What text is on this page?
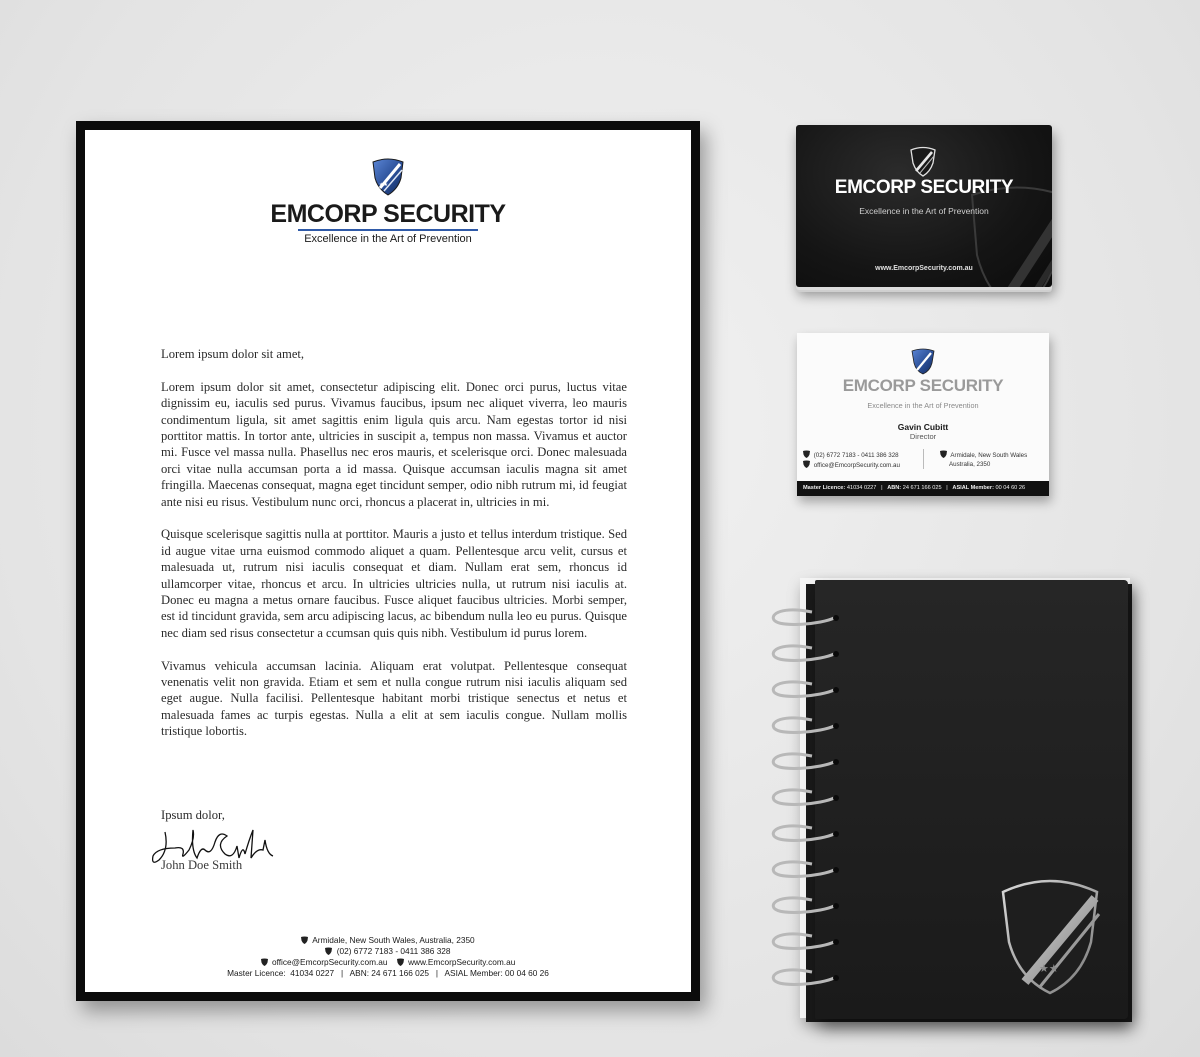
★★
EMCORP SECURITY
Excellence in the Art of Prevention

Lorem ipsum dolor sit amet,

Lorem ipsum dolor sit amet, consectetur adipiscing elit. Donec orci purus, luctus vitae dignissim eu, iaculis sed purus. Vivamus faucibus, ipsum nec aliquet viverra, leo mauris condimentum ligula, sit amet sagittis enim ligula quis arcu. Nam egestas tortor id nisi porttitor mattis. In tortor ante, ultricies in suscipit a, tempus non massa. Vivamus et auctor mi. Fusce vel massa nulla. Phasellus nec eros mauris, et scelerisque orci. Donec malesuada orci vitae nulla accumsan porta a id massa. Quisque accumsan iaculis magna sit amet fringilla. Maecenas consequat, magna eget tincidunt semper, odio nibh rutrum mi, id feugiat ante nisi eu risus. Vestibulum nunc orci, rhoncus a placerat in, ultricies in mi.

Quisque scelerisque sagittis nulla at porttitor. Mauris a justo et tellus interdum tristique. Sed id augue vitae urna euismod commodo aliquet a quam. Pellentesque arcu velit, cursus et malesuada ut, rutrum nisi iaculis consequat et diam. Nullam erat sem, rhoncus id ullamcorper vitae, rhoncus et arcu. In ultricies ultricies nulla, ut rutrum nisi iaculis at. Donec eu magna a metus ornare faucibus. Fusce aliquet faucibus ultricies. Morbi semper, est id tincidunt gravida, sem arcu adipiscing lacus, ac bibendum nulla leo eu purus. Quisque nec diam sed risus consectetur a ccumsan quis quis nibh. Vestibulum id purus lorem.

Vivamus vehicula accumsan lacinia. Aliquam erat volutpat. Pellentesque consequat venenatis velit non gravida. Etiam et sem et nulla congue rutrum nisi iaculis aliquam sed eget augue. Nulla facilisi. Pellentesque habitant morbi tristique senectus et netus et malesuada fames ac turpis egestas. Nulla a elit at sem iaculis congue. Nullam mollis tristique lobortis.

Ipsum dolor,
John Doe Smith
Armidale, New South Wales, Australia, 2350
(02) 6772 7183 - 0411 386 328
office@EmcorpSecurity.com.au www.EmcorpSecurity.com.au
Master Licence:  41034 0227   |   ABN: 24 671 166 025   |   ASIAL Member: 00 04 60 26
★★
EMCORP SECURITY
Excellence in the Art of Prevention
www.EmcorpSecurity.com.au
EMCORP SECURITY
Excellence in the Art of Prevention
Gavin Cubitt
Director
(02) 6772 7183 - 0411 386 328
office@EmcorpSecurity.com.au
Armidale, New South Wales
Australia, 2350
Master Licence: 41034 0227   |   ABN: 24 671 166 025   |   ASIAL Member: 00 04 60 26
★★
